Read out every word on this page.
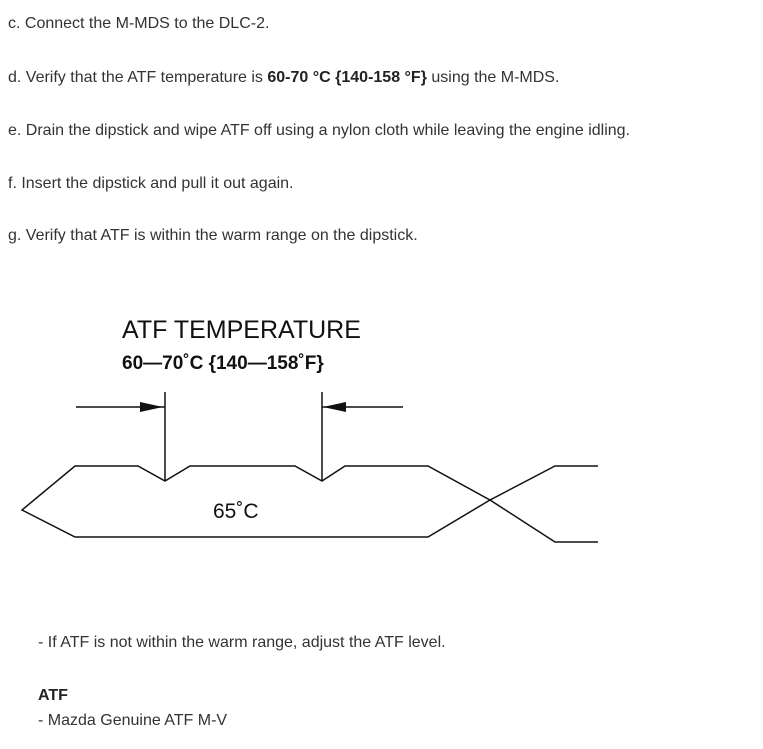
c. Connect the M-MDS to the DLC-2.

d. Verify that the ATF temperature is 60-70 °C {140-158 °F} using the M-MDS.

e. Drain the dipstick and wipe ATF off using a nylon cloth while leaving the engine idling.

f. Insert the dipstick and pull it out again.

g. Verify that ATF is within the warm range on the dipstick.

ATF TEMPERATURE
60—70˚C {140—158˚F}
65˚C

- If ATF is not within the warm range, adjust the ATF level.

ATF

- Mazda Genuine ATF M-V
